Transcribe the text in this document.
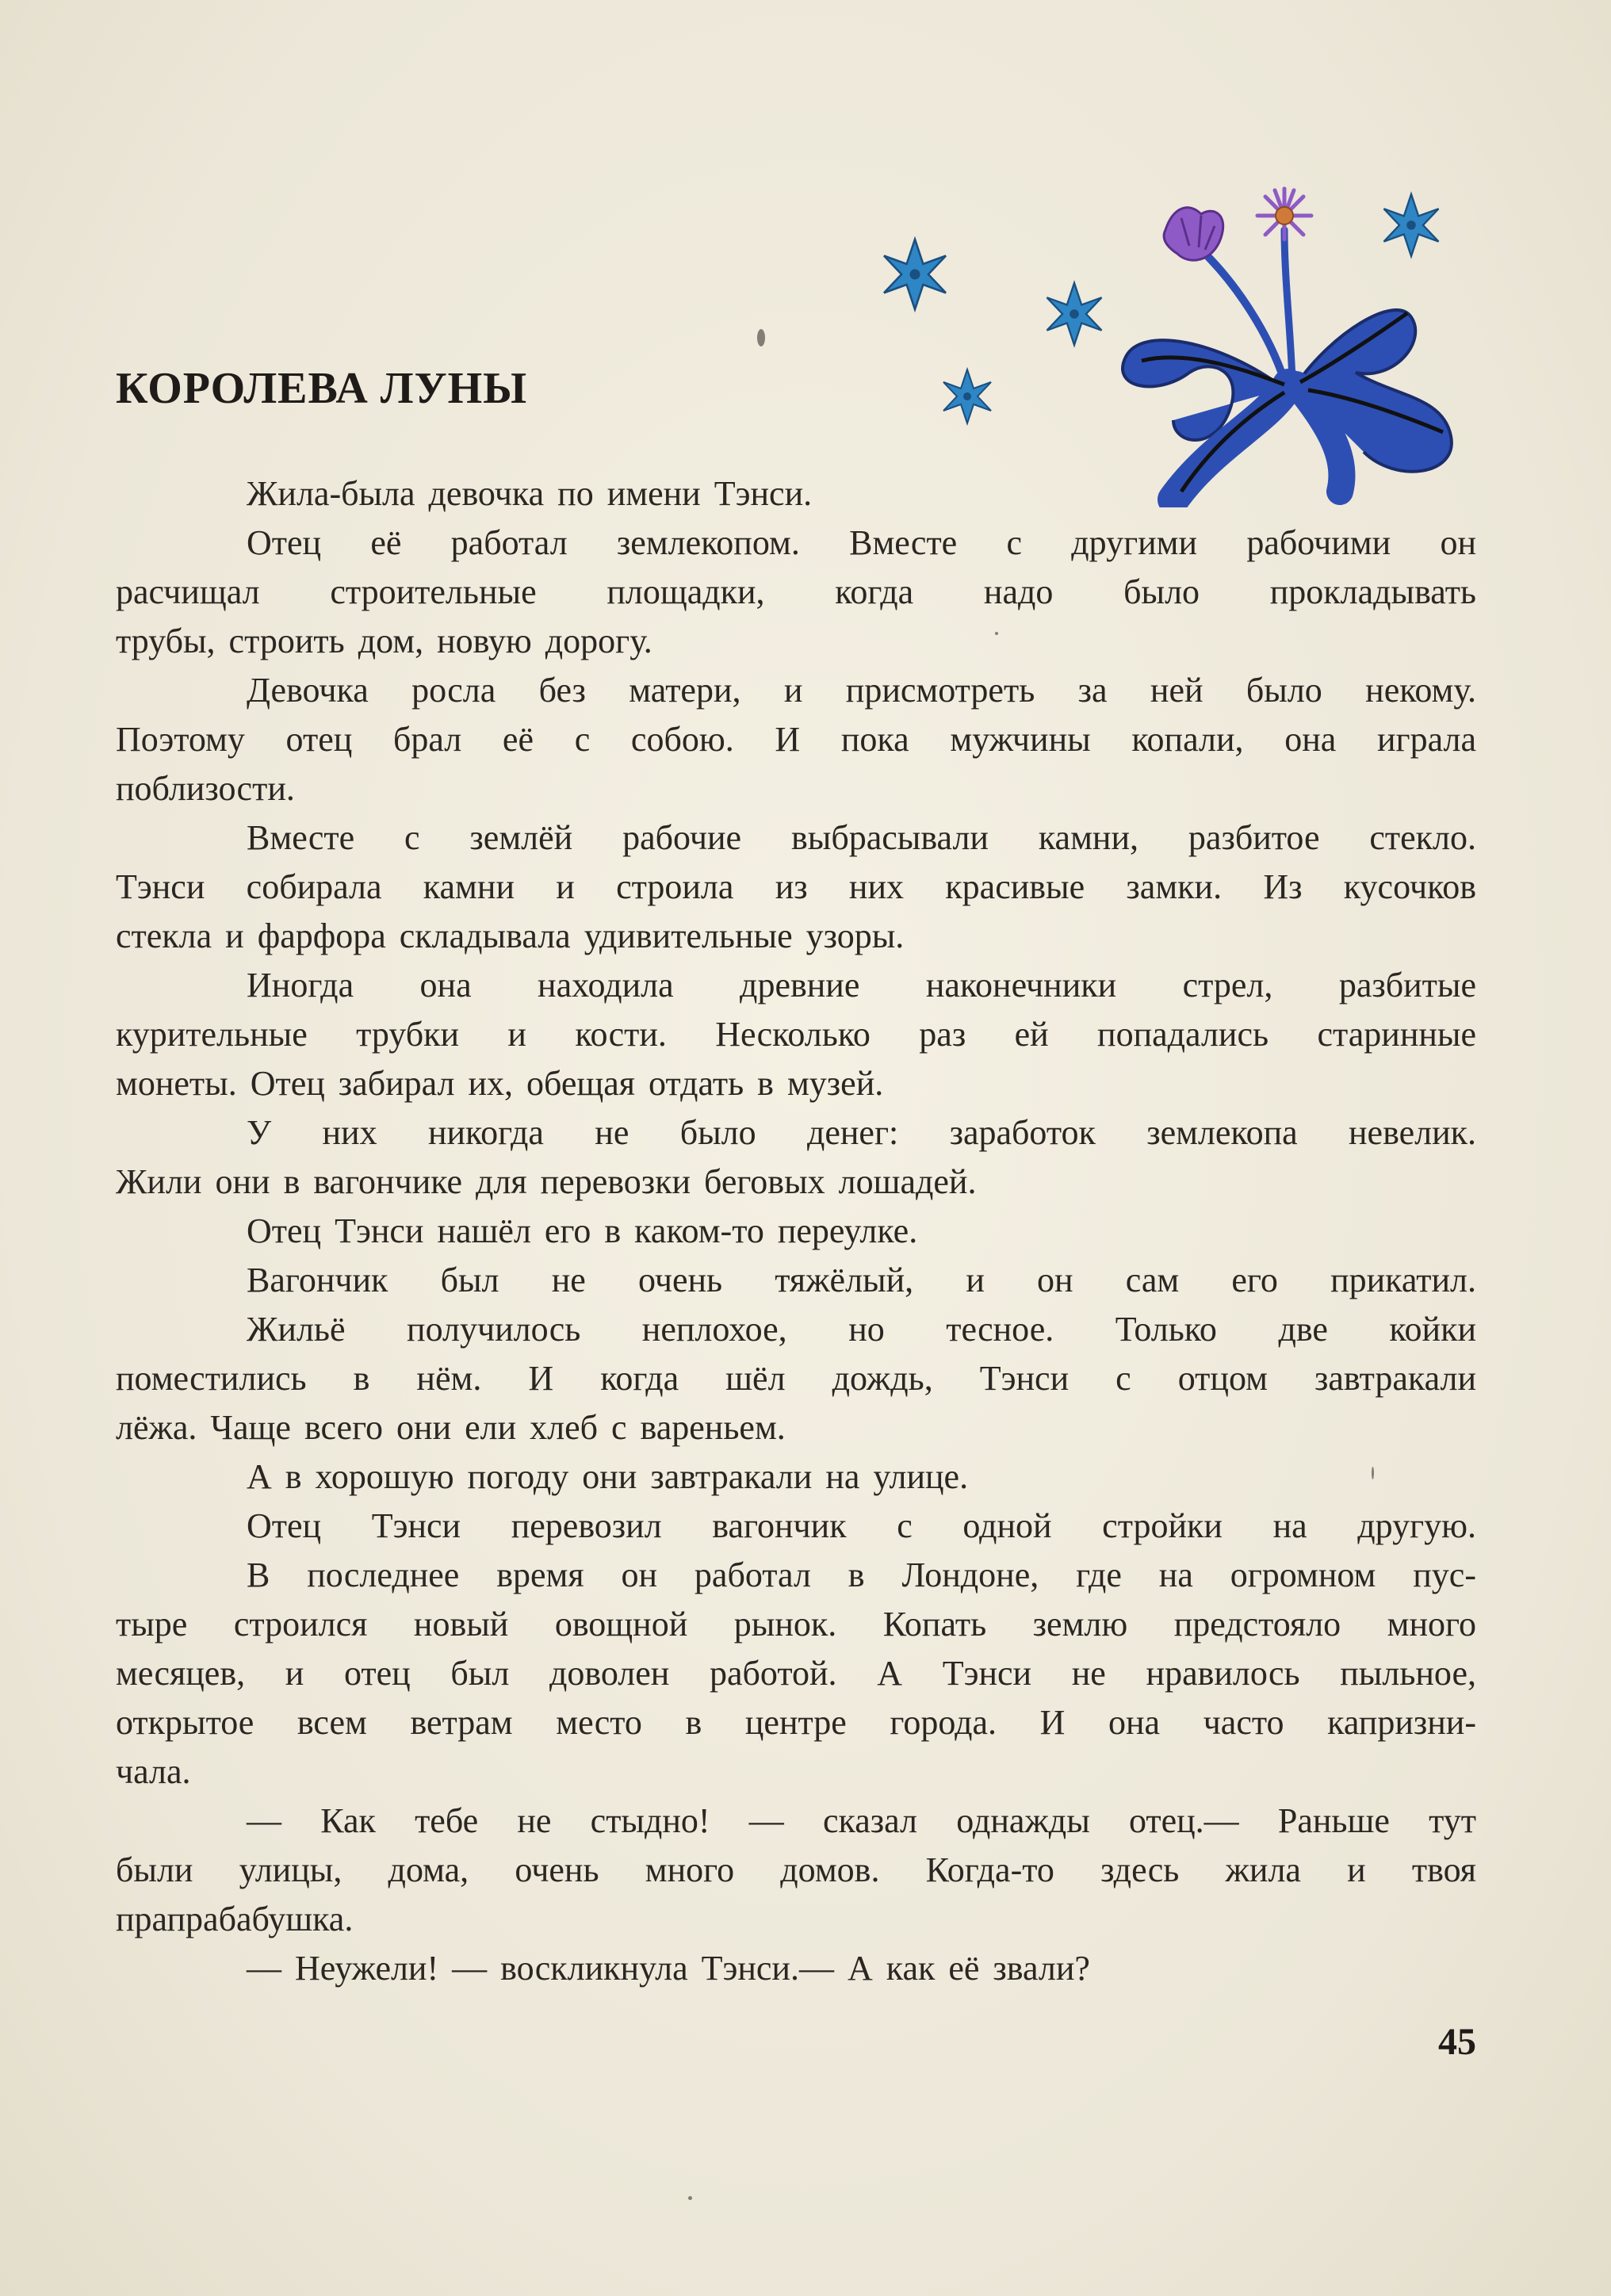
КОРОЛЕВА ЛУНЫ

Жила-была девочка по имени Тэнси.

Отец её работал землекопом. Вместе с другими рабочими он

расчищал строительные площадки, когда надо было прокладывать

трубы, строить дом, новую дорогу.

Девочка росла без матери, и присмотреть за ней было некому.

Поэтому отец брал её с собою. И пока мужчины копали, она играла

поблизости.

Вместе с землёй рабочие выбрасывали камни, разбитое стекло.

Тэнси собирала камни и строила из них красивые замки. Из кусочков

стекла и фарфора складывала удивительные узоры.

Иногда она находила древние наконечники стрел, разбитые

курительные трубки и кости. Несколько раз ей попадались старинные

монеты. Отец забирал их, обещая отдать в музей.

У них никогда не было денег: заработок землекопа невелик.

Жили они в вагончике для перевозки беговых лошадей.

Отец Тэнси нашёл его в каком-то переулке.

Вагончик был не очень тяжёлый, и он сам его прикатил.

Жильё получилось неплохое, но тесное. Только две койки

поместились в нём. И когда шёл дождь, Тэнси с отцом завтракали

лёжа. Чаще всего они ели хлеб с вареньем.

А в хорошую погоду они завтракали на улице.

Отец Тэнси перевозил вагончик с одной стройки на другую.

В последнее время он работал в Лондоне, где на огромном пус-

тыре строился новый овощной рынок. Копать землю предстояло много

месяцев, и отец был доволен работой. А Тэнси не нравилось пыльное,

открытое всем ветрам место в центре города. И она часто капризни-

чала.

— Как тебе не стыдно! — сказал однажды отец.— Раньше тут

были улицы, дома, очень много домов. Когда-то здесь жила и твоя

прапрабабушка.

— Неужели! — воскликнула Тэнси.— А как её звали?

45
